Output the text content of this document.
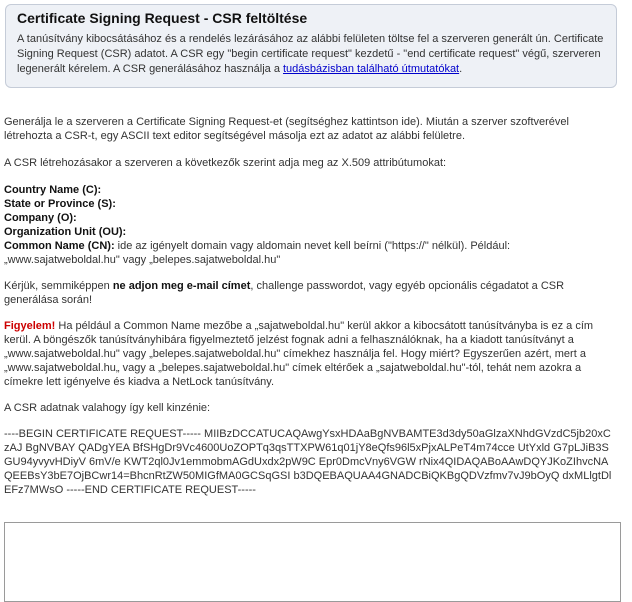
Certificate Signing Request - CSR feltöltése
A tanúsítvány kibocsátásához és a rendelés lezárásához az alábbi felületen töltse fel a szerveren generált ún. Certificate Signing Request (CSR) adatot. A CSR egy "begin certificate request" kezdetű - "end certificate request" végű, szerveren legenerált kérelem. A CSR generálásához használja a tudásbázisban található útmutatókat.

Generálja le a szerveren a Certificate Signing Request-et (segítséghez kattintson ide). Miután a szerver szoftverével létrehozta a CSR-t, egy ASCII text editor segítségével másolja ezt az adatot az alábbi felületre.

A CSR létrehozásakor a szerveren a következők szerint adja meg az X.509 attribútumokat:

Country Name (C):

State or Province (S):

Company (O):

Organization Unit (OU):

Common Name (CN): ide az igényelt domain vagy aldomain nevet kell beírni ("https://" nélkül). Például: „www.sajatweboldal.hu" vagy „belepes.sajatweboldal.hu"

Kérjük, semmiképpen ne adjon meg e-mail címet, challenge passwordot, vagy egyéb opcionális cégadatot a CSR generálása során!

Figyelem! Ha például a Common Name mezőbe a „sajatweboldal.hu" kerül akkor a kibocsátott tanúsítványba is ez a cím kerül. A böngészők tanúsítványhibára figyelmeztető jelzést fognak adni a felhasználóknak, ha a kiadott tanúsítványt a „www.sajatweboldal.hu" vagy „belepes.sajatweboldal.hu" címekhez használja fel. Hogy miért? Egyszerűen azért, mert a „www.sajatweboldal.hu„ vagy a „belepes.sajatweboldal.hu" címek eltérőek a „sajatweboldal.hu"-tól, tehát nem azokra a címekre lett igényelve és kiadva a NetLock tanúsítvány.

A CSR adatnak valahogy így kell kinzénie:

----BEGIN CERTIFICATE REQUEST----- MIIBzDCCATUCAQAwgYsxHDAaBgNVBAMTE3d3dy50aGlzaXNhdGVzdC5jb20xCzAJ BgNVBAY QADgYEA BfSHgDr9Vc4600UoZOPTq3qsTTXPW61q01jY8eQfs96l5xPjxALPeT4m74cce UtYxld G7pLJiB3SGU94yvyvHDiyV 6mV/e KWT2ql0Jv1emmobmAGdUxdx2pW9C Epr0DmcVny6VGW rNix4QIDAQABoAAwDQYJKoZIhvcNAQEEBsY3bE7OjBCwr14=BhcnRtZW50MIGfMA0GCSqGSI b3DQEBAQUAA4GNADCBiQKBgQDVzfmv7vJ9bOyQ dxMLlgtDlEFz7MWsO -----END CERTIFICATE REQUEST-----
